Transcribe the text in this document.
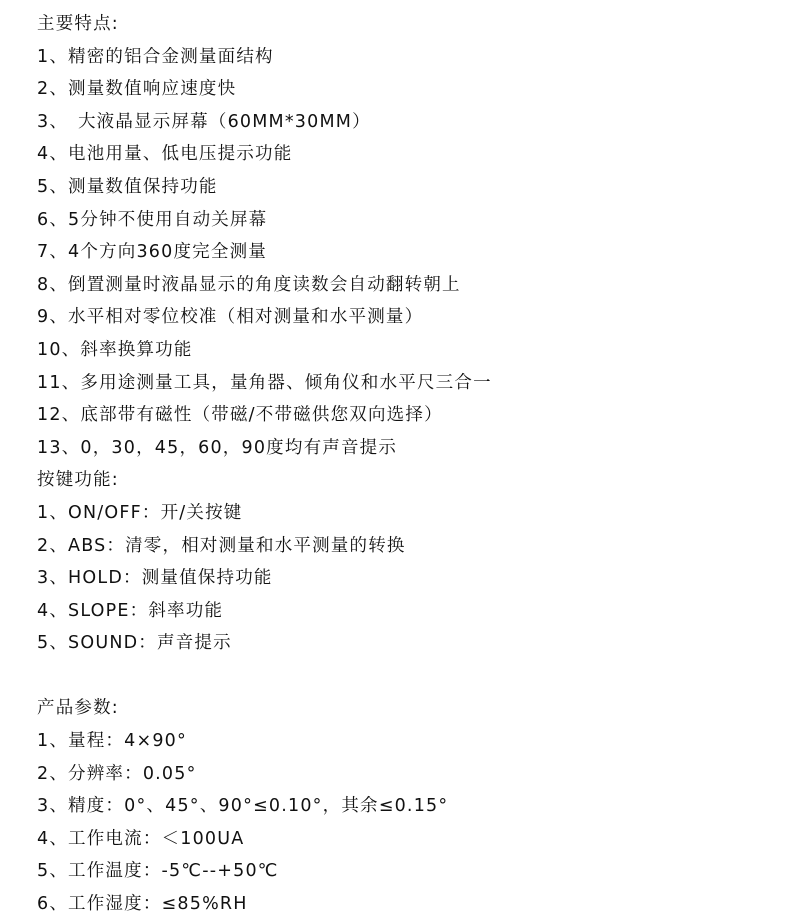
主要特点:
1、精密的铝合金测量面结构
2、测量数值响应速度快
3、　大液晶显示屏幕（60MM*30MM）
4、电池用量、低电压提示功能
5、测量数值保持功能
6、5分钟不使用自动关屏幕
7、4个方向360度完全测量
8、倒置测量时液晶显示的角度读数会自动翻转朝上
9、水平相对零位校准（相对测量和水平测量）
10、斜率换算功能
11、多用途测量工具，量角器、倾角仪和水平尺三合一
12、底部带有磁性（带磁/不带磁供您双向选择）
13、0，30，45，60，90度均有声音提示
按键功能:
1、ON/OFF：开/关按键
2、ABS：清零，相对测量和水平测量的转换
3、HOLD：测量值保持功能
4、SLOPE：斜率功能
5、SOUND：声音提示
产品参数:
1、量程：4×90°
2、分辨率：0.05°
3、精度：0°、45°、90°≤0.10°，其余≤0.15°
4、工作电流：＜100UA
5、工作温度：-5℃--+50℃
6、工作湿度：≤85%RH
